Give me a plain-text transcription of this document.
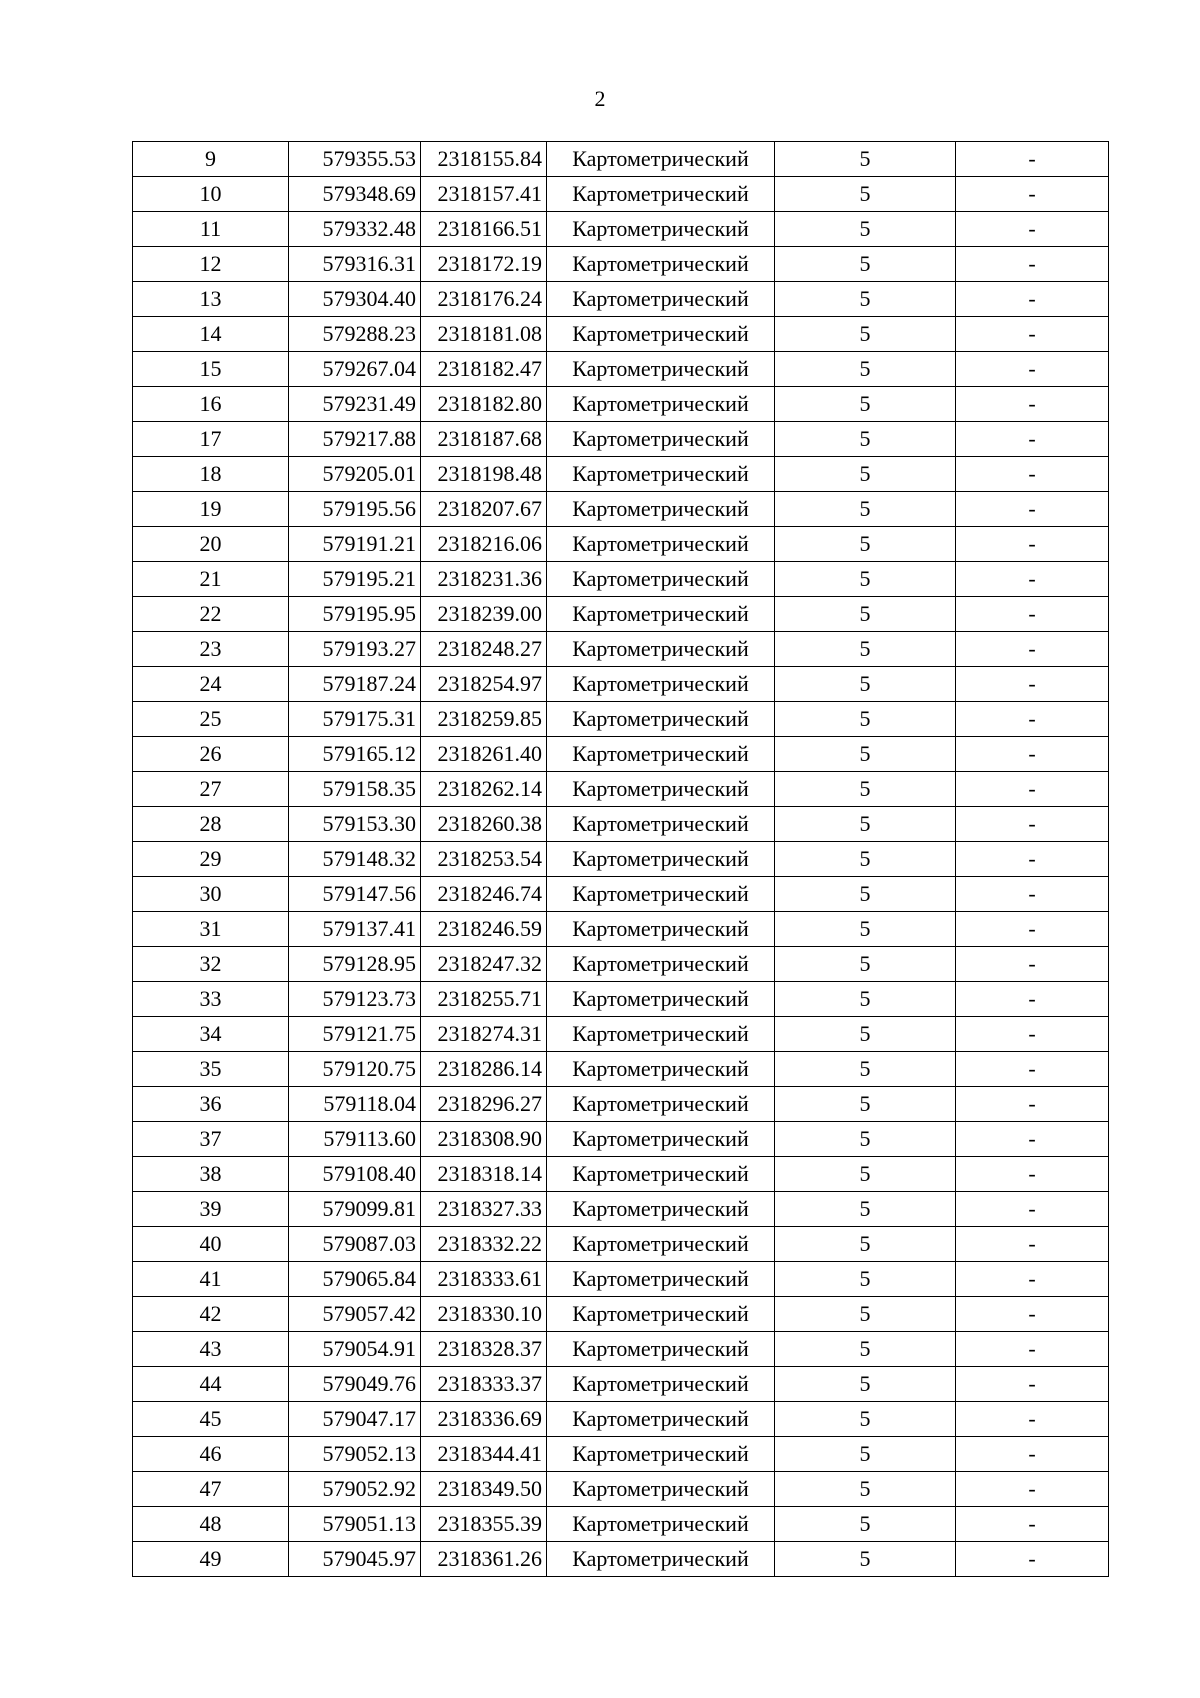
2
9	579355.53	2318155.84	Картометрический	5	-
10	579348.69	2318157.41	Картометрический	5	-
11	579332.48	2318166.51	Картометрический	5	-
12	579316.31	2318172.19	Картометрический	5	-
13	579304.40	2318176.24	Картометрический	5	-
14	579288.23	2318181.08	Картометрический	5	-
15	579267.04	2318182.47	Картометрический	5	-
16	579231.49	2318182.80	Картометрический	5	-
17	579217.88	2318187.68	Картометрический	5	-
18	579205.01	2318198.48	Картометрический	5	-
19	579195.56	2318207.67	Картометрический	5	-
20	579191.21	2318216.06	Картометрический	5	-
21	579195.21	2318231.36	Картометрический	5	-
22	579195.95	2318239.00	Картометрический	5	-
23	579193.27	2318248.27	Картометрический	5	-
24	579187.24	2318254.97	Картометрический	5	-
25	579175.31	2318259.85	Картометрический	5	-
26	579165.12	2318261.40	Картометрический	5	-
27	579158.35	2318262.14	Картометрический	5	-
28	579153.30	2318260.38	Картометрический	5	-
29	579148.32	2318253.54	Картометрический	5	-
30	579147.56	2318246.74	Картометрический	5	-
31	579137.41	2318246.59	Картометрический	5	-
32	579128.95	2318247.32	Картометрический	5	-
33	579123.73	2318255.71	Картометрический	5	-
34	579121.75	2318274.31	Картометрический	5	-
35	579120.75	2318286.14	Картометрический	5	-
36	579118.04	2318296.27	Картометрический	5	-
37	579113.60	2318308.90	Картометрический	5	-
38	579108.40	2318318.14	Картометрический	5	-
39	579099.81	2318327.33	Картометрический	5	-
40	579087.03	2318332.22	Картометрический	5	-
41	579065.84	2318333.61	Картометрический	5	-
42	579057.42	2318330.10	Картометрический	5	-
43	579054.91	2318328.37	Картометрический	5	-
44	579049.76	2318333.37	Картометрический	5	-
45	579047.17	2318336.69	Картометрический	5	-
46	579052.13	2318344.41	Картометрический	5	-
47	579052.92	2318349.50	Картометрический	5	-
48	579051.13	2318355.39	Картометрический	5	-
49	579045.97	2318361.26	Картометрический	5	-
